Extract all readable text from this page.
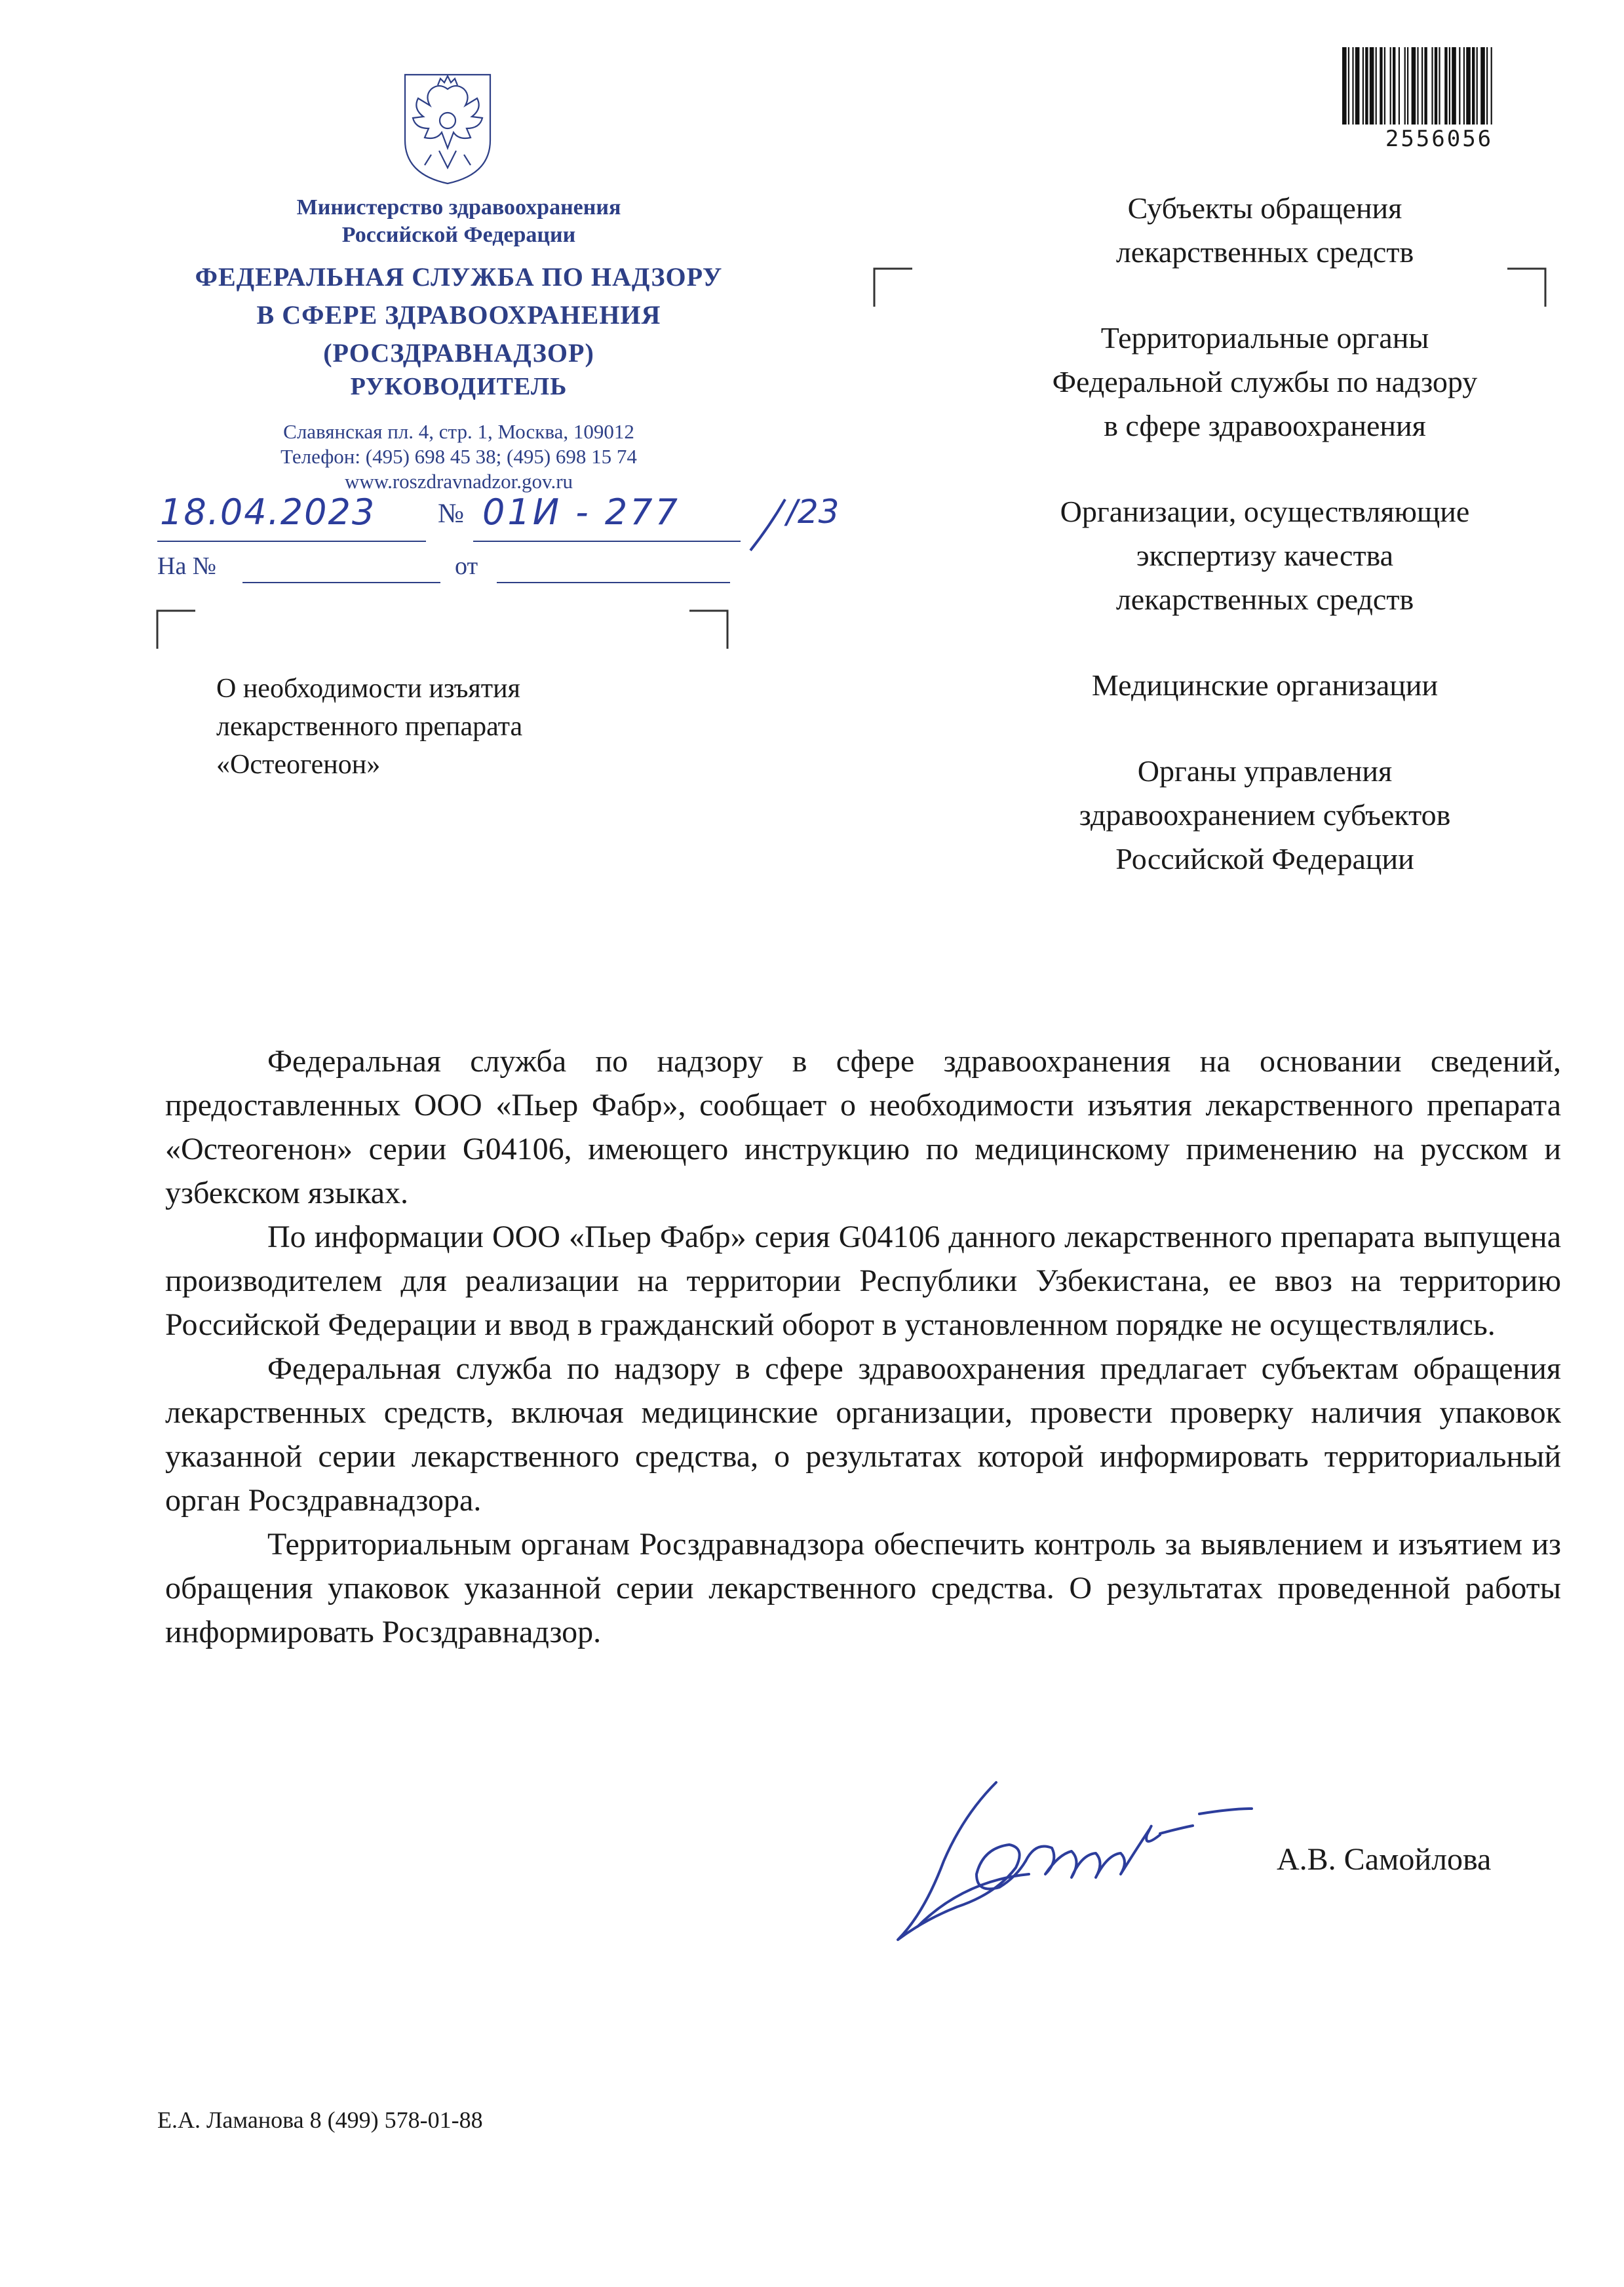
Министерство здравоохранения
Российской Федерации
ФЕДЕРАЛЬНАЯ СЛУЖБА ПО НАДЗОРУ
В СФЕРЕ ЗДРАВООХРАНЕНИЯ
(РОСЗДРАВНАДЗОР)
РУКОВОДИТЕЛЬ
Славянская пл. 4, стр. 1, Москва, 109012
Телефон: (495) 698 45 38; (495) 698 15 74
www.roszdravnadzor.gov.ru
18.04.2023 № 01И - 277	/23
На №	от
О необходимости изъятия
лекарственного препарата
«Остеогенон»
2556056
Субъекты обращения
лекарственных средств
Территориальные органы
Федеральной службы по надзору
в сфере здравоохранения
Организации, осуществляющие
экспертизу качества
лекарственных средств
Медицинские организации
Органы управления
здравоохранением субъектов
Российской Федерации

Федеральная служба по надзору в сфере здравоохранения на основании сведений, предоставленных ООО «Пьер Фабр», сообщает о необходимости изъятия лекарственного препарата «Остеогенон» серии G04106, имеющего инструкцию по медицинскому применению на русском и узбекском языках.

По информации ООО «Пьер Фабр» серия G04106 данного лекарственного препарата выпущена производителем для реализации на территории Республики Узбекистана, ее ввоз на территорию Российской Федерации и ввод в гражданский оборот в установленном порядке не осуществлялись.

Федеральная служба по надзору в сфере здравоохранения предлагает субъектам обращения лекарственных средств, включая медицинские организации, провести проверку наличия упаковок указанной серии лекарственного средства, о результатах которой информировать территориальный орган Росздравнадзора.

Территориальным органам Росздравнадзора обеспечить контроль за выявлением и изъятием из обращения упаковок указанной серии лекарственного средства. О результатах проведенной работы информировать Росздравнадзор.

А.В. Самойлова
Е.А. Ламанова 8 (499) 578-01-88
